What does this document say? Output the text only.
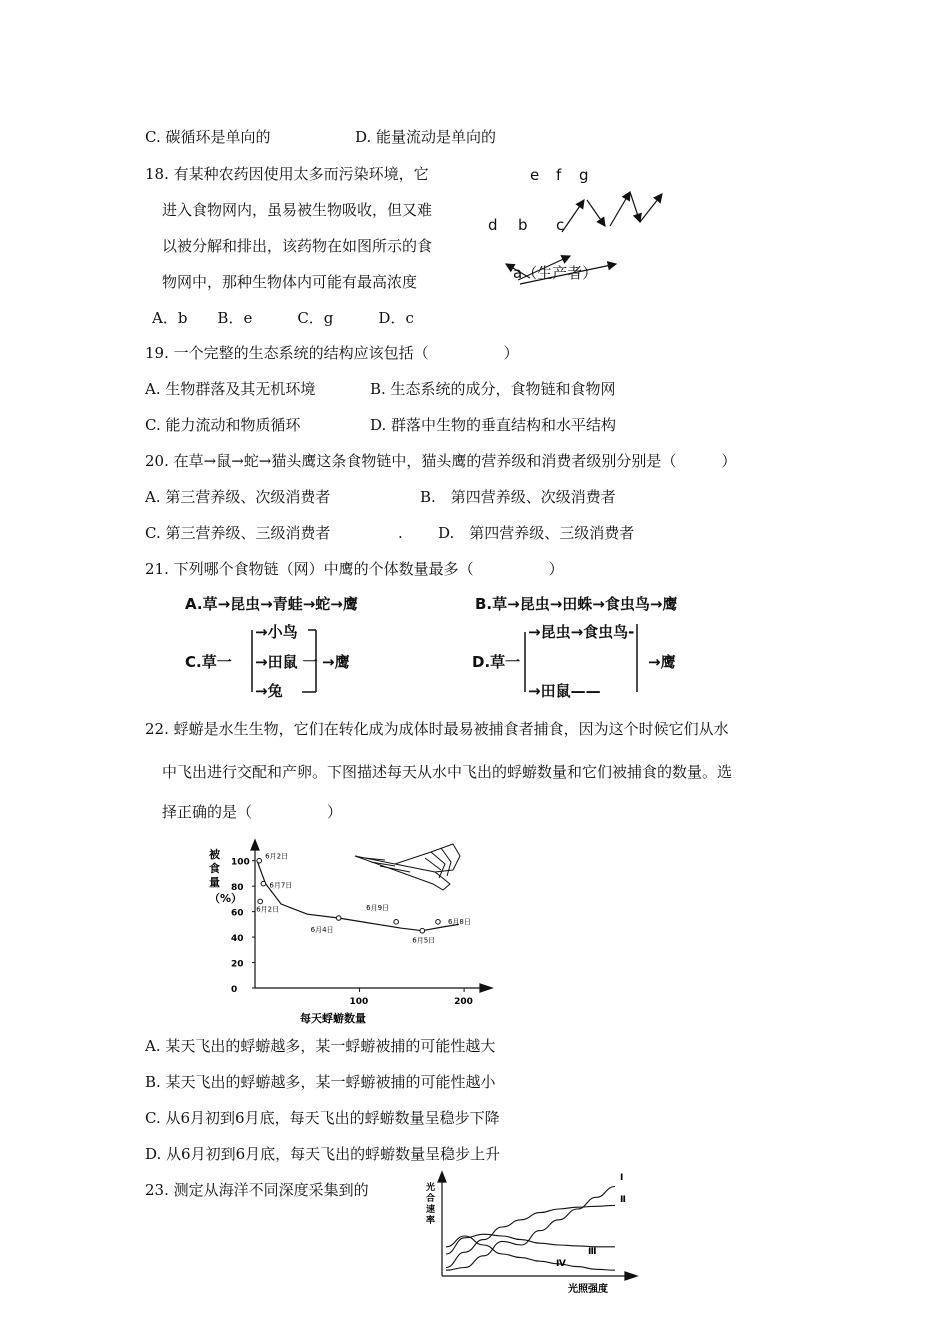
C. 碳循环是单向的	D. 能量流动是单向的
18. 有某种农药因使用太多而污染环境，它
进入食物网内，虽易被生物吸收，但又难
以被分解和排出，该药物在如图所示的食
物网中，那种生物体内可能有最高浓度
A．b　　B．e　　　C．g　　　D．c
e f g
d b c
a（生产者）
19. 一个完整的生态系统的结构应该包括（　　　　　）
A. 生物群落及其无机环境	B. 生态系统的成分，食物链和食物网
C. 能力流动和物质循环	D. 群落中生物的垂直结构和水平结构
20. 在草→鼠→蛇→猫头鹰这条食物链中，猫头鹰的营养级和消费者级别分别是（　　　）
A. 第三营养级、次级消费者	B.　第四营养级、次级消费者
C. 第三营养级、三级消费者	. D.　第四营养级、三级消费者
21. 下列哪个食物链（网）中鹰的个体数量最多（　　　　　）
A.草→昆虫→青蛙→蛇→鹰	B.草→昆虫→田蛛→食虫鸟→鹰
C.草一
→小鸟
→田鼠 一
→兔
→鹰	D.草一
→昆虫→食虫鸟-
→田鼠——
→鹰
22. 蜉蝣是水生生物，它们在转化成为成体时最易被捕食者捕食，因为这个时候它们从水
中飞出进行交配和产卵。下图描述每天从水中飞出的蜉蝣数量和它们被捕食的数量。选
择正确的是（　　　　　）
0
20
40
60
80
100
100	200
6月2日
6月7日
6月2日
6月4日
6月9日
6月5日
6月8日
被
食
量
（%）
每天蜉蝣数量
A. 某天飞出的蜉蝣越多，某一蜉蝣被捕的可能性越大
B. 某天飞出的蜉蝣越多，某一蜉蝣被捕的可能性越小
C. 从6月初到6月底，每天飞出的蜉蝣数量呈稳步下降
D. 从6月初到6月底，每天飞出的蜉蝣数量呈稳步上升
23. 测定从海洋不同深度采集到的
Ⅰ
Ⅱ
Ⅲ
Ⅳ
光
合
速
率
光照强度
